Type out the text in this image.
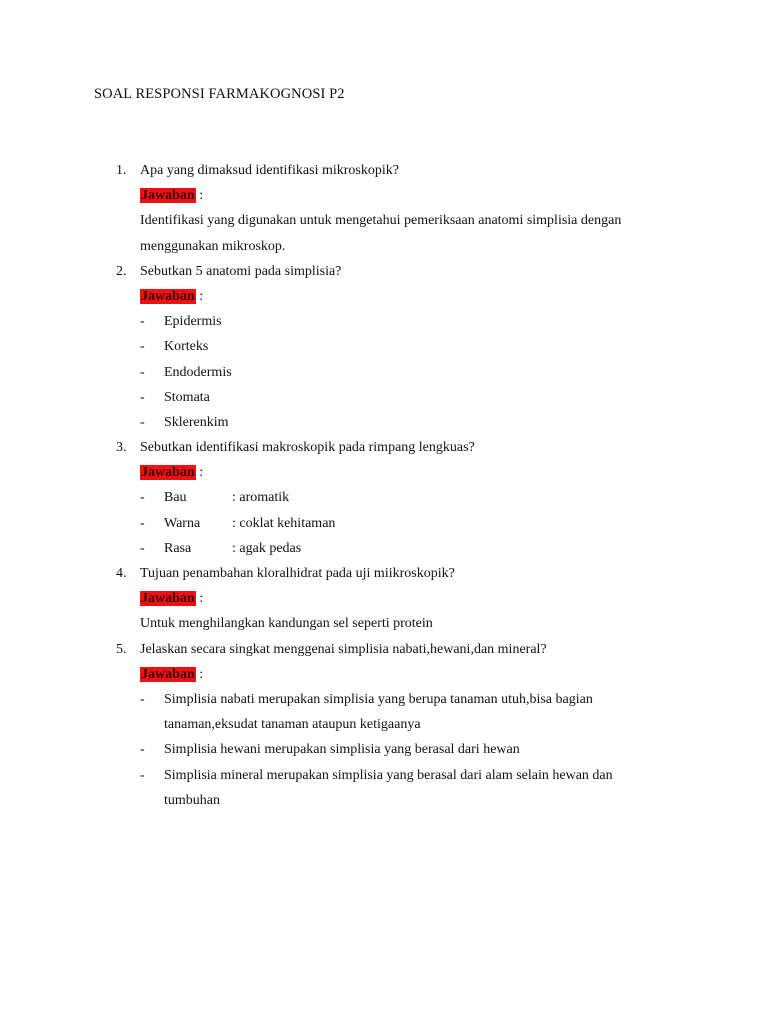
SOAL RESPONSI FARMAKOGNOSI P2
1. Apa yang dimaksud identifikasi mikroskopik?
Jawaban :
Identifikasi yang digunakan untuk mengetahui pemeriksaan anatomi simplisia dengan
menggunakan mikroskop.
2. Sebutkan 5 anatomi pada simplisia?
Jawaban :
- Epidermis
- Korteks
- Endodermis
- Stomata
- Sklerenkim
3. Sebutkan identifikasi makroskopik pada rimpang lengkuas?
Jawaban :
- Bau	: aromatik
- Warna : coklat kehitaman
- Rasa	: agak pedas
4. Tujuan penambahan kloralhidrat pada uji miikroskopik?
Jawaban :
Untuk menghilangkan kandungan sel seperti protein
5. Jelaskan secara singkat menggenai simplisia nabati,hewani,dan mineral?
Jawaban :
- Simplisia nabati merupakan simplisia yang berupa tanaman utuh,bisa bagian
tanaman,eksudat tanaman ataupun ketigaanya
- Simplisia hewani merupakan simplisia yang berasal dari hewan
- Simplisia mineral merupakan simplisia yang berasal dari alam selain hewan dan
tumbuhan
